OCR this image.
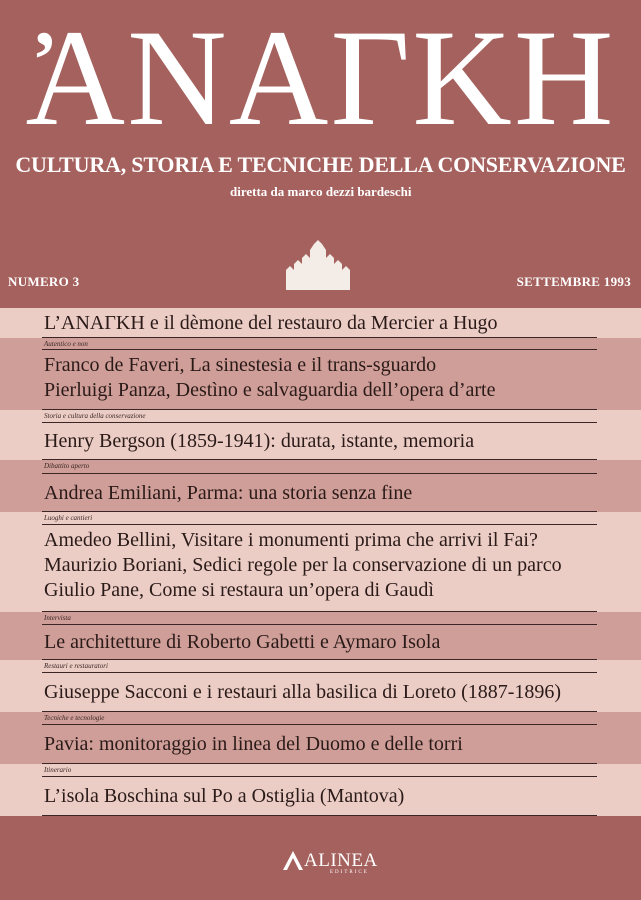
ἈΝΑΓΚΗ
CULTURA, STORIA E TECNICHE DELLA CONSERVAZIONE
diretta da marco dezzi bardeschi
NUMERO 3	SETTEMBRE 1993
L’ΑΝΑΓΚΗ e il dèmone del restauro da Mercier a Hugo
Autentico e non
Franco de Faveri, La sinestesia e il trans-sguardo
Pierluigi Panza, Destìno e salvaguardia dell’opera d’arte
Storia e cultura della conservazione
Henry Bergson (1859-1941): durata, istante, memoria
Dibattito aperto
Andrea Emiliani, Parma: una storia senza fine
Luoghi e cantieri
Amedeo Bellini, Visitare i monumenti prima che arrivi il Fai?
Maurizio Boriani, Sedici regole per la conservazione di un parco
Giulio Pane, Come si restaura un’opera di Gaudì
Intervista
Le architetture di Roberto Gabetti e Aymaro Isola
Restauri e restauratori
Giuseppe Sacconi e i restauri alla basilica di Loreto (1887-1896)
Tecniche e tecnologie
Pavia: monitoraggio in linea del Duomo e delle torri
Itinerario
L’isola Boschina sul Po a Ostiglia (Mantova)
ALINEA
EDITRICE
